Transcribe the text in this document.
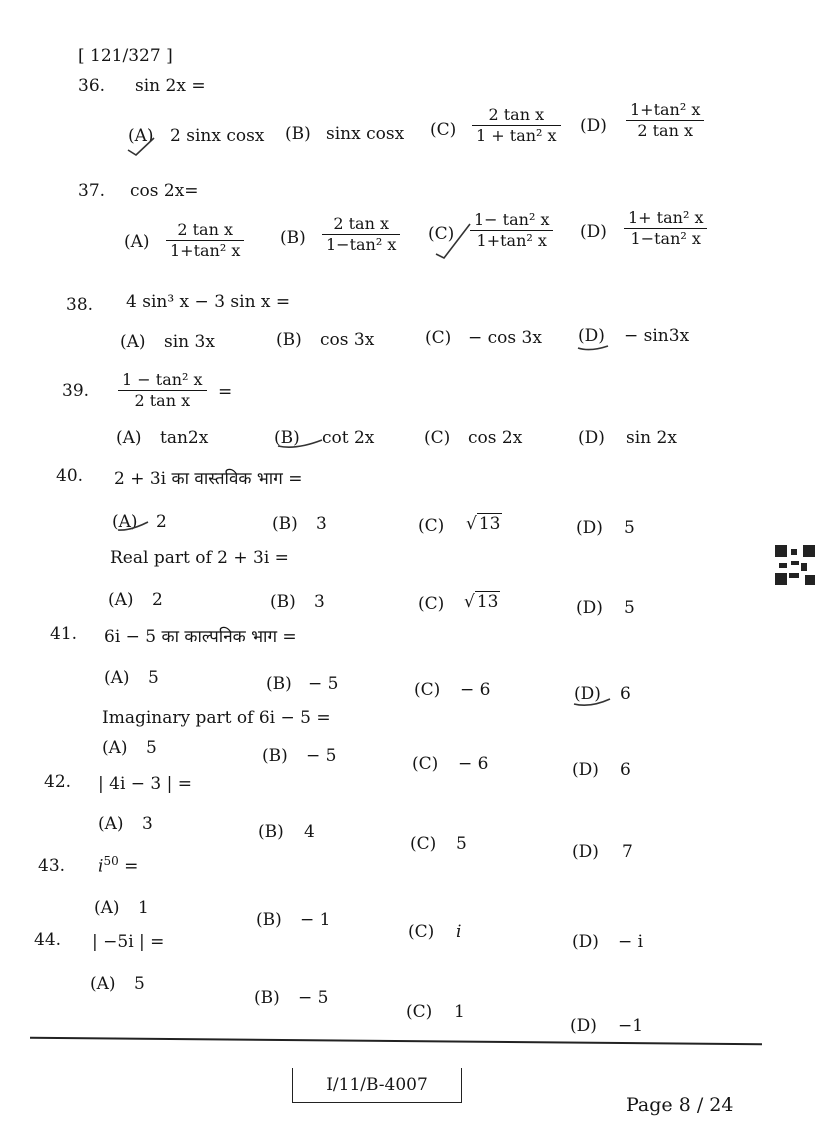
[ 121/327 ]
36. sin 2x =
(A) 2 sinx cosx (B) sinx cosx $(C) \frac{\text{2 tan x}}{\text{1 + tan² x}} (D) \frac{\text{1+tan² x}}{\text{2 tan x}}$
37. cos 2x=
$(A) \frac{\text{2 tan x}}{\text{1+tan² x}} (B) \frac{\text{2 tan x}}{\text{1−tan² x}} (C) \frac{\text{1− tan² x}}{\text{1+tan² x}} (D) \frac{\text{1+ tan² x}}{\text{1−tan² x}}$
38. 4 sin³ x − 3 sin x =
(A) sin 3x	(B) cos 3x	(C) − cos 3x (D) − sin3x
39. $\frac{\text{1 − tan² x}}{\text{2 tan x}}$ =
(A) tan2x	(B) cot 2x	(C) cos 2x	(D) sin 2x
40. 2 + 3i का वास्तविक भाग =
(A) 2	(B) 3	(C) √ 13	(D) 5
Real part of 2 + 3i =
(A) 2	(B) 3	(C) √ 13	(D) 5
41. 6i − 5 का काल्पनिक भाग =
(A) 5	(B) − 5	(C) − 6	(D) 6
Imaginary part of 6i − 5 =
(A) 5	(B) − 5	(C) − 6	(D) 6
42. | 4i − 3 | =
(A) 3	(B) 4
(C) 5	(D) 7
43. $i^{50}$ =
(A) 1
(B) − 1
(C) i	(D) − i
44. | −5i | =
(A) 5
(B) − 5
(C) 1
(D) −1
I/11/B-4007
Page 8 / 24
